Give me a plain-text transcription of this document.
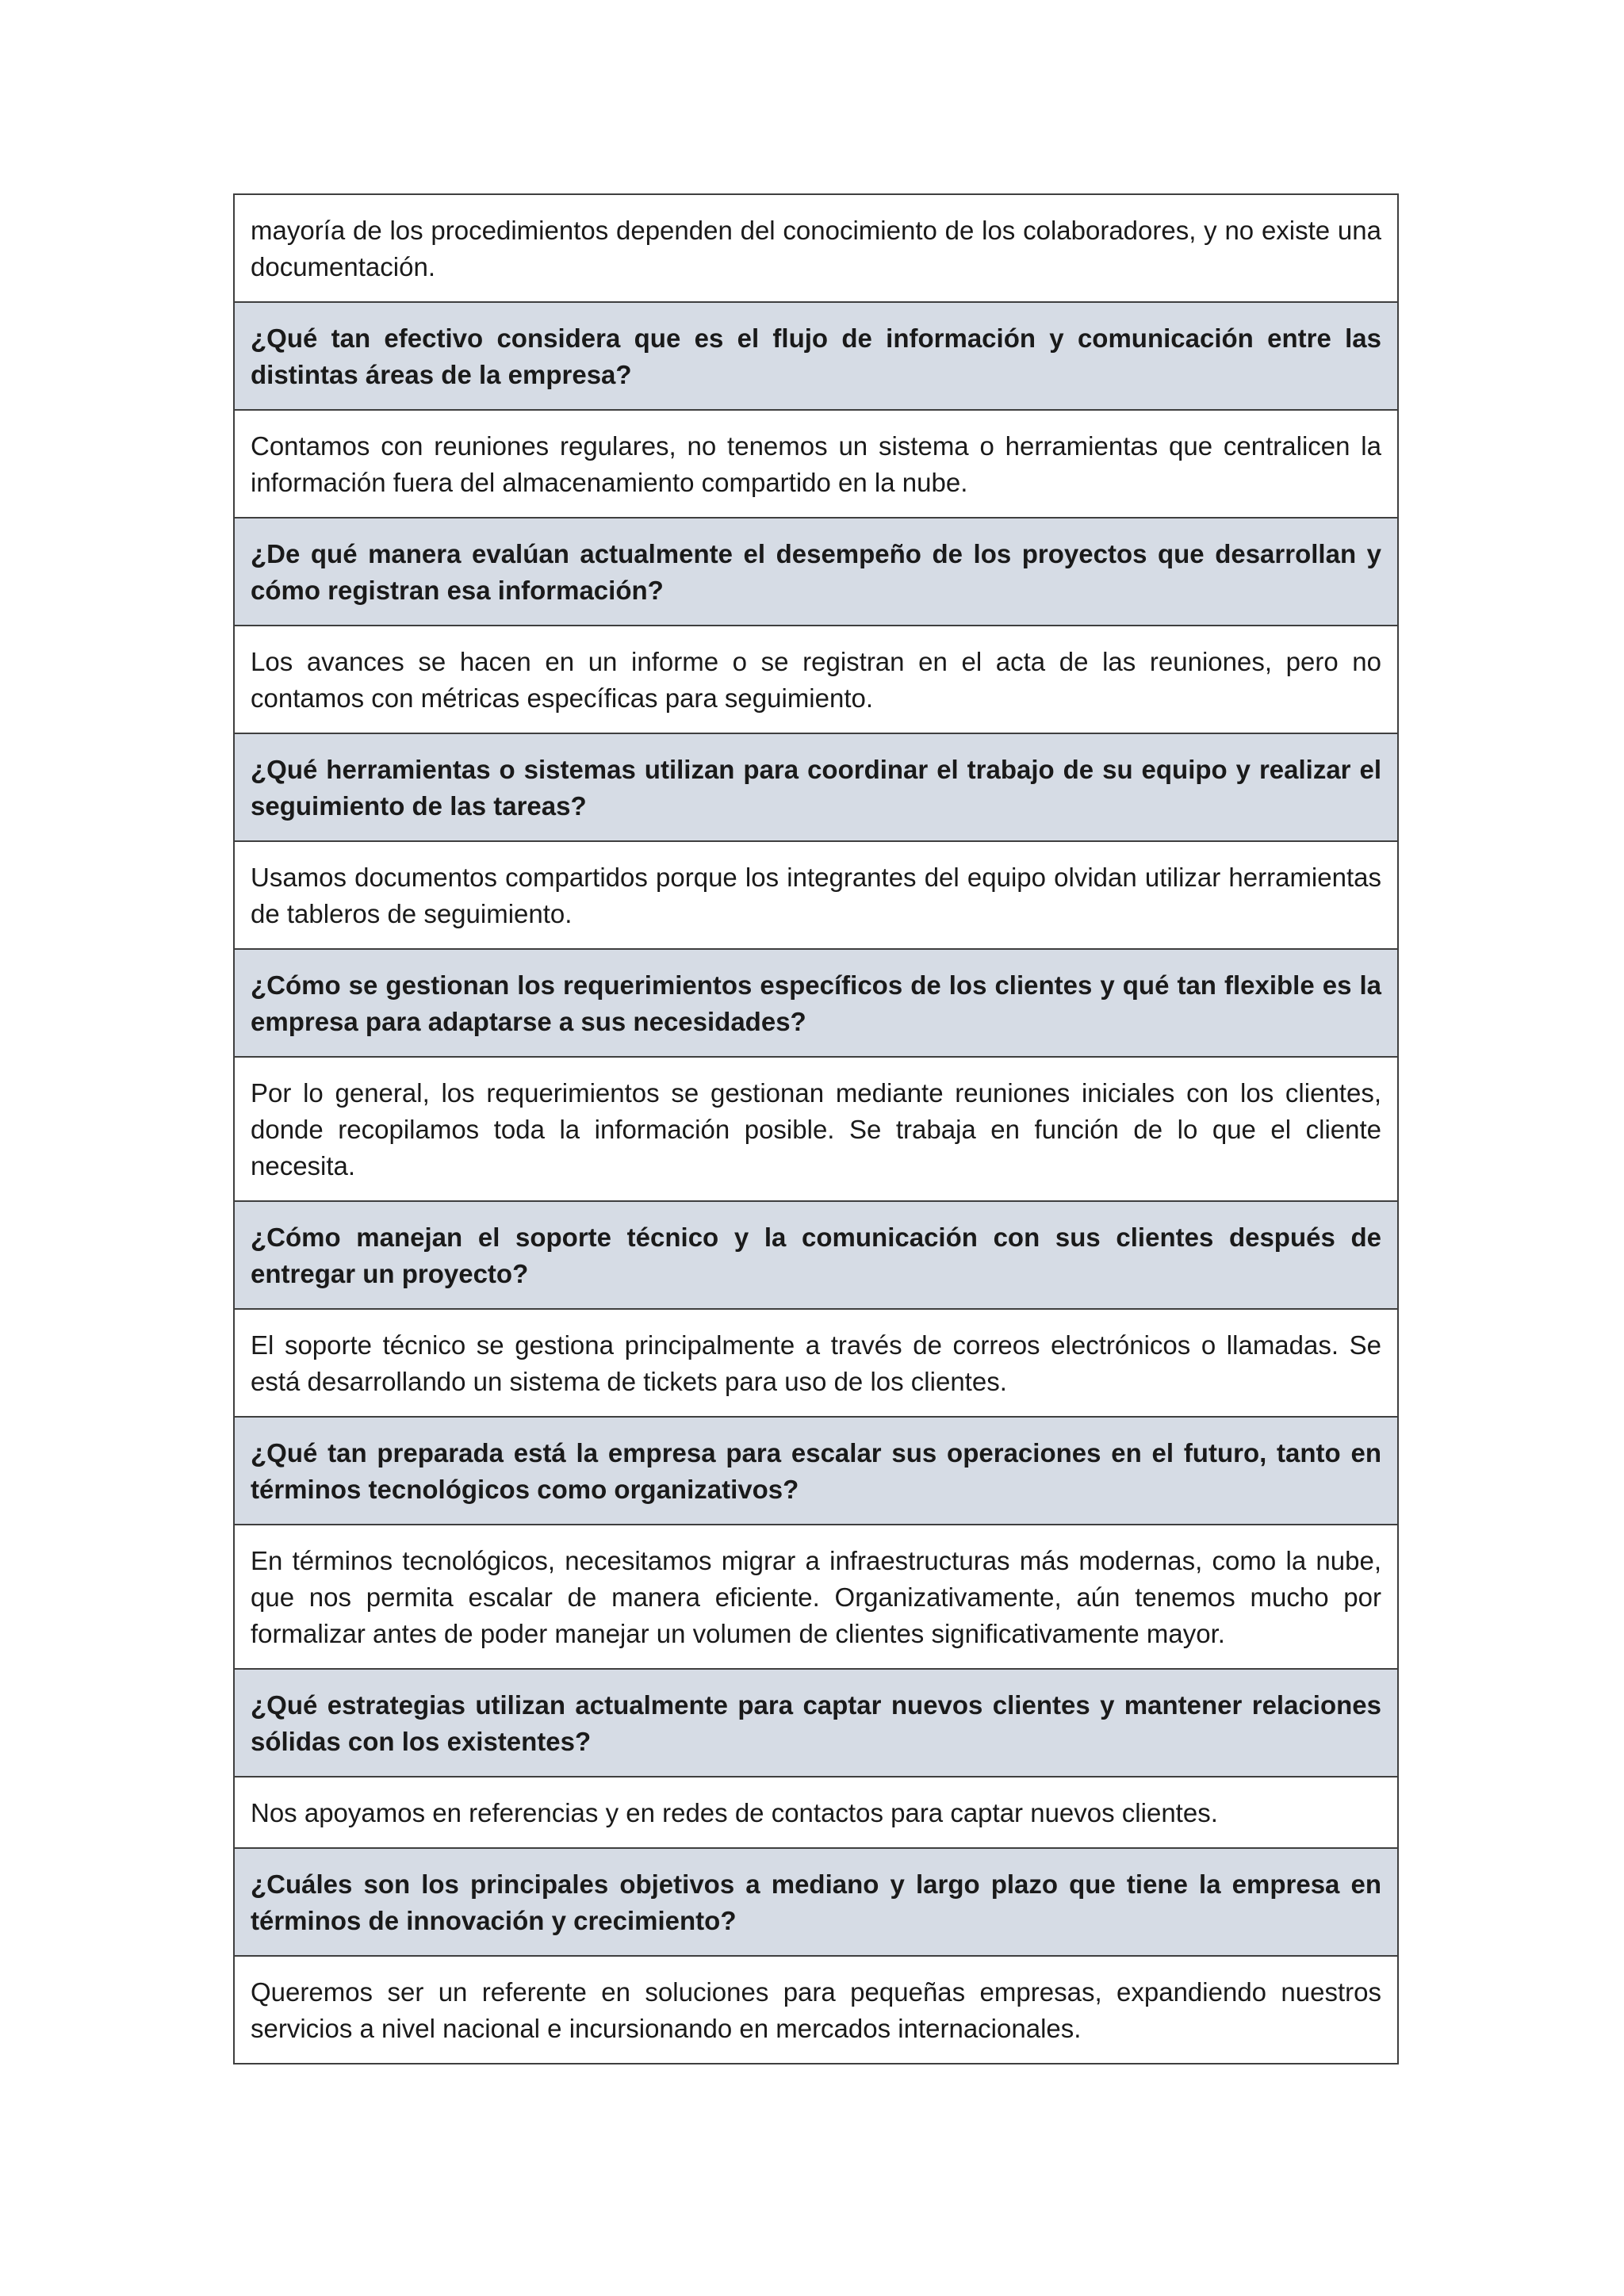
mayoría de los procedimientos dependen del conocimiento de los colaboradores, y no existe una documentación.
¿Qué tan efectivo considera que es el flujo de información y comunicación entre las distintas áreas de la empresa?
Contamos con reuniones regulares, no tenemos un sistema o herramientas que centralicen la información fuera del almacenamiento compartido en la nube.
¿De qué manera evalúan actualmente el desempeño de los proyectos que desarrollan y cómo registran esa información?
Los avances se hacen en un informe o se registran en el acta de las reuniones, pero no contamos con métricas específicas para seguimiento.
¿Qué herramientas o sistemas utilizan para coordinar el trabajo de su equipo y realizar el seguimiento de las tareas?
Usamos documentos compartidos porque los integrantes del equipo olvidan utilizar herramientas de tableros de seguimiento.
¿Cómo se gestionan los requerimientos específicos de los clientes y qué tan flexible es la empresa para adaptarse a sus necesidades?
Por lo general, los requerimientos se gestionan mediante reuniones iniciales con los clientes, donde recopilamos toda la información posible. Se trabaja en función de lo que el cliente necesita.
¿Cómo manejan el soporte técnico y la comunicación con sus clientes después de entregar un proyecto?
El soporte técnico se gestiona principalmente a través de correos electrónicos o llamadas. Se está desarrollando un sistema de tickets para uso de los clientes.
¿Qué tan preparada está la empresa para escalar sus operaciones en el futuro, tanto en términos tecnológicos como organizativos?
En términos tecnológicos, necesitamos migrar a infraestructuras más modernas, como la nube, que nos permita escalar de manera eficiente. Organizativamente, aún tenemos mucho por formalizar antes de poder manejar un volumen de clientes significativamente mayor.
¿Qué estrategias utilizan actualmente para captar nuevos clientes y mantener relaciones sólidas con los existentes?
Nos apoyamos en referencias y en redes de contactos para captar nuevos clientes.
¿Cuáles son los principales objetivos a mediano y largo plazo que tiene la empresa en términos de innovación y crecimiento?
Queremos ser un referente en soluciones para pequeñas empresas, expandiendo nuestros servicios a nivel nacional e incursionando en mercados internacionales.
